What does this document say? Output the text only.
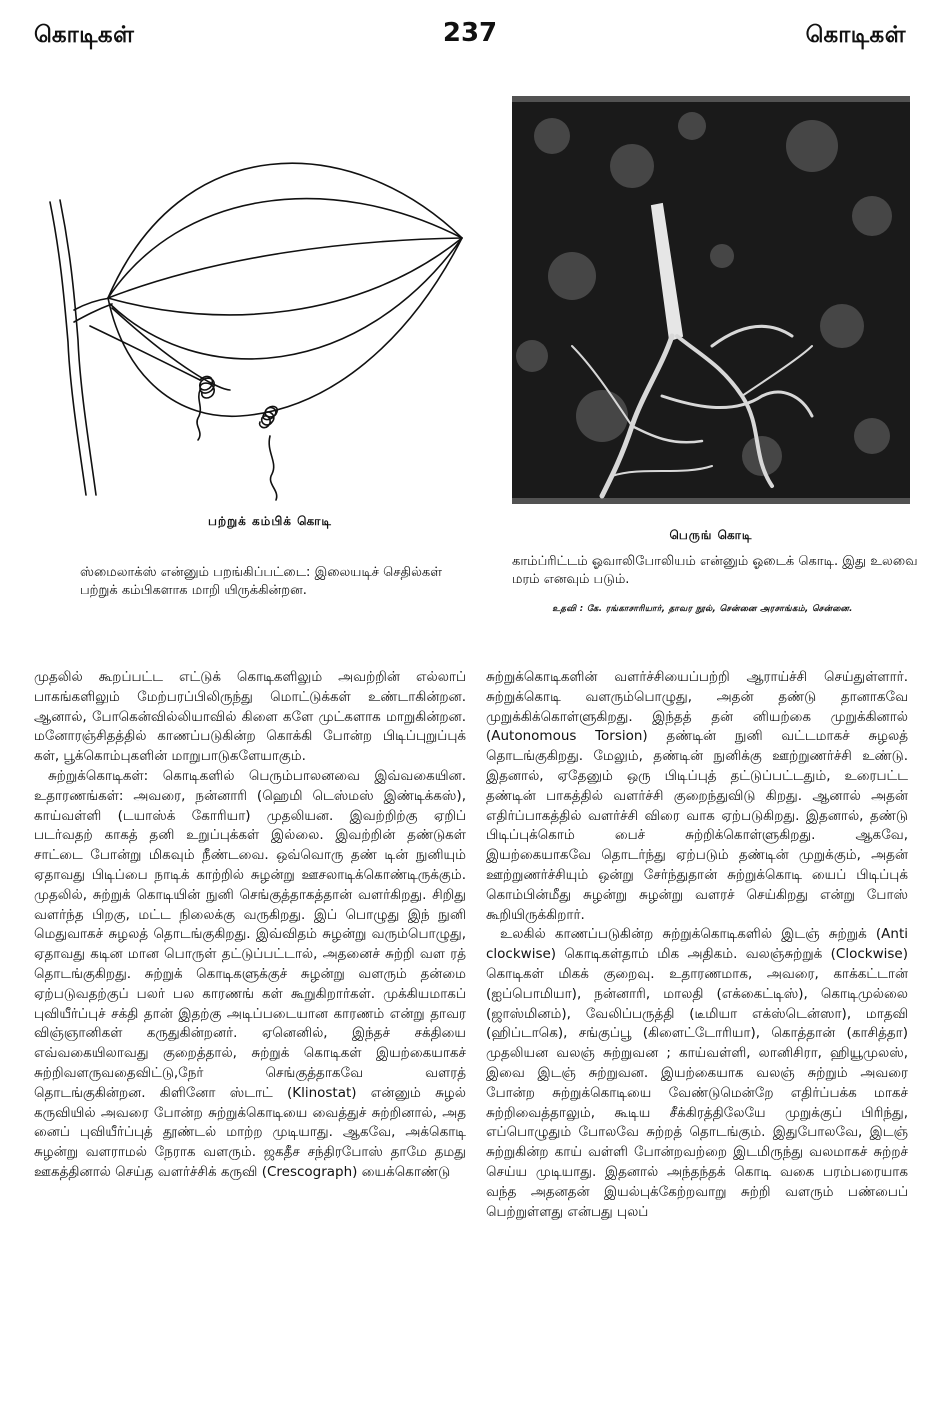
கொடிகள்	237	கொடிகள்
பற்றுக் கம்பிக் கொடி
ஸ்மைலாக்ஸ் என்னும் பறங்கிப்பட்டை: இலையடிச் செதில்கள் பற்றுக் கம்பிகளாக மாறி யிருக்கின்றன.
பெருங் கொடி
காம்ப்ரிட்டம் ஓவாலிபோலியம் என்னும் ஓடைக் கொடி. இது உலவை மரம் எனவும் படும்.
உதவி : கே. ரங்காசாரியார், தாவர நூல், சென்னை அரசாங்கம், சென்னை.

முதலில் கூறப்பட்ட எட்டுக் கொடிகளிலும் அவற்றின் எல்லாப் பாகங்களிலும் மேற்பரப்பிலிருந்து மொட்டுக்கள் உண்டாகின்றன. ஆனால், போகென்வில்லியாவில் கிளை களே முட்களாக மாறுகின்றன. மனோரஞ்சிதத்தில் காணப்படுகின்ற கொக்கி போன்ற பிடிப்புறுப்புக் கள், பூக்கொம்புகளின் மாறுபாடுகளேயாகும்.

சுற்றுக்கொடிகள்: கொடிகளில் பெரும்பாலனவை இவ்வகையின. உதாரணங்கள்: அவரை, நன்னாரி (ஹெமி டெஸ்மஸ் இண்டிக்கஸ்), காய்வள்ளி (டயாஸ்க் கோரியா) முதலியன. இவற்றிற்கு ஏறிப் படர்வதற் காகத் தனி உறுப்புக்கள் இல்லை. இவற்றின் தண்டுகள் சாட்டை போன்று மிகவும் நீண்டவை. ஒவ்வொரு தண் டின் நுனியும் ஏதாவது பிடிப்பை நாடிக் காற்றில் சுழன்று ஊசலாடிக்கொண்டிருக்கும். முதலில், சுற்றுக் கொடியின் நுனி செங்குத்தாகத்தான் வளர்கிறது. சிறிது வளர்ந்த பிறகு, மட்ட நிலைக்கு வருகிறது. இப் பொழுது இந் நுனி மெதுவாகச் சுழலத் தொடங்குகிறது. இவ்விதம் சுழன்று வரும்பொழுது, ஏதாவது கடின மான பொருள் தட்டுப்பட்டால், அதனைச் சுற்றி வள ரத் தொடங்குகிறது. சுற்றுக் கொடிகளுக்குச் சுழன்று வளரும் தன்மை ஏற்படுவதற்குப் பலர் பல காரணங் கள் கூறுகிறார்கள். முக்கியமாகப் புவியீர்ப்புச் சக்தி தான் இதற்கு அடிப்படையான காரணம் என்று தாவர விஞ்ஞானிகள் கருதுகின்றனர். ஏனெனில், இந்தச் சக்தியை எவ்வகையிலாவது குறைத்தால், சுற்றுக் கொடிகள் இயற்கையாகச் சுற்றிவளருவதைவிட்டு,நேர் செங்குத்தாகவே வளரத் தொடங்குகின்றன. கிளினோ ஸ்டாட் (Klinostat) என்னும் சுழல் கருவியில் அவரை போன்ற சுற்றுக்கொடியை வைத்துச் சுற்றினால், அத னைப் புவியீர்ப்புத் தூண்டல் மாற்ற முடியாது. ஆகவே, அக்கொடி சுழன்று வளராமல் நேராக வளரும். ஜகதீச சந்திரபோஸ் தாமே தமது ஊகத்தினால் செய்த வளர்ச்சிக் கருவி (Crescograph) யைக்கொண்டு

சுற்றுக்கொடிகளின் வளர்ச்சியைப்பற்றி ஆராய்ச்சி செய்துள்ளார். சுற்றுக்கொடி வளரும்பொழுது, அதன் தண்டு தானாகவே முறுக்கிக்கொள்ளுகிறது. இந்தத் தன் னியற்கை முறுக்கினால் (Autonomous Torsion) தண்டின் நுனி வட்டமாகச் சுழலத் தொடங்குகிறது. மேலும், தண்டின் நுனிக்கு ஊற்றுணர்ச்சி உண்டு. இதனால், ஏதேனும் ஒரு பிடிப்புத் தட்டுப்பட்டதும், உரைபட்ட தண்டின் பாகத்தில் வளர்ச்சி குறைந்துவிடு கிறது. ஆனால் அதன் எதிர்ப்பாகத்தில் வளர்ச்சி விரை வாக ஏற்படுகிறது. இதனால், தண்டு பிடிப்புக்கொம் பைச் சுற்றிக்கொள்ளுகிறது. ஆகவே, இயற்கையாகவே தொடர்ந்து ஏற்படும் தண்டின் முறுக்கும், அதன் ஊற்றுணர்ச்சியும் ஒன்று சேர்ந்துதான் சுற்றுக்கொடி யைப் பிடிப்புக் கொம்பின்மீது சுழன்று சுழன்று வளரச் செய்கிறது என்று போஸ் கூறியிருக்கிறார்.

உலகில் காணப்படுகின்ற சுற்றுக்கொடிகளில் இடஞ் சுற்றுக் (Anti clockwise) கொடிகள்தாம் மிக அதிகம். வலஞ்சுற்றுக் (Clockwise) கொடிகள் மிகக் குறைவு. உதாரணமாக, அவரை, காக்கட்டான் (ஐப்பொமியா), நன்னாரி, மாலதி (எக்கைட்டிஸ்), கொடிமுல்லை (ஜாஸ்மினம்), வேலிப்பருத்தி (டீமியா எக்ஸ்டென்ஸா), மாதவி (ஹிப்டாகெ), சங்குப்பூ (கிளைட்டோரியா), கொத்தான் (காசித்தா) முதலியன வலஞ் சுற்றுவன ; காய்வள்ளி, லானிசிரா, ஹியூமுலஸ், இவை இடஞ் சுற்றுவன. இயற்கையாக வலஞ் சுற்றும் அவரை போன்ற சுற்றுக்கொடியை வேண்டுமென்றே எதிர்ப்பக்க மாகச் சுற்றிவைத்தாலும், கூடிய சீக்கிரத்திலேயே முறுக்குப் பிரிந்து, எப்பொழுதும் போலவே சுற்றத் தொடங்கும். இதுபோலவே, இடஞ் சுற்றுகின்ற காய் வள்ளி போன்றவற்றை இடமிருந்து வலமாகச் சுற்றச் செய்ய முடியாது. இதனால் அந்தந்தக் கொடி வகை பரம்பரையாக வந்த அதனதன் இயல்புக்கேற்றவாறு சுற்றி வளரும் பண்பைப் பெற்றுள்ளது என்பது புலப்
